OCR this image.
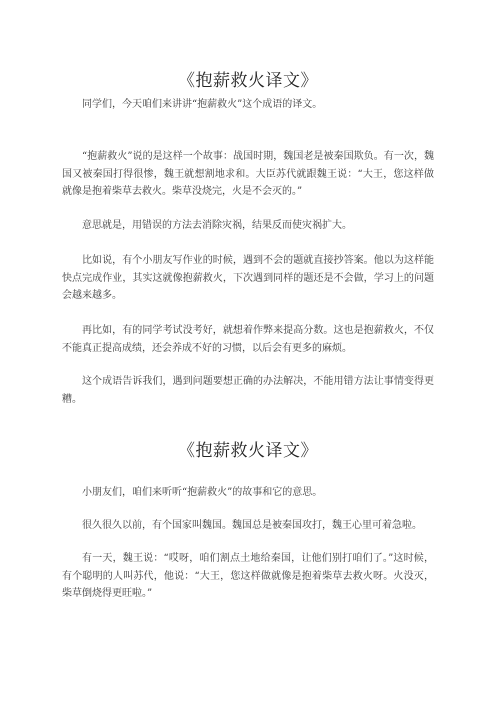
《抱薪救火译文》

同学们，今天咱们来讲讲“抱薪救火”这个成语的译文。

“抱薪救火”说的是这样一个故事：战国时期，魏国老是被秦国欺负。有一次，魏国又被秦国打得很惨，魏王就想割地求和。大臣苏代就跟魏王说：“大王，您这样做就像是抱着柴草去救火。柴草没烧完，火是不会灭的。”

意思就是，用错误的方法去消除灾祸，结果反而使灾祸扩大。

比如说，有个小朋友写作业的时候，遇到不会的题就直接抄答案。他以为这样能快点完成作业，其实这就像抱薪救火，下次遇到同样的题还是不会做，学习上的问题会越来越多。

再比如，有的同学考试没考好，就想着作弊来提高分数。这也是抱薪救火，不仅不能真正提高成绩，还会养成不好的习惯，以后会有更多的麻烦。

这个成语告诉我们，遇到问题要想正确的办法解决，不能用错方法让事情变得更糟。

《抱薪救火译文》

小朋友们，咱们来听听“抱薪救火”的故事和它的意思。

很久很久以前，有个国家叫魏国。魏国总是被秦国攻打，魏王心里可着急啦。

有一天，魏王说：“哎呀，咱们割点土地给秦国，让他们别打咱们了。”这时候，有个聪明的人叫苏代，他说：“大王，您这样做就像是抱着柴草去救火呀。火没灭，柴草倒烧得更旺啦。”
